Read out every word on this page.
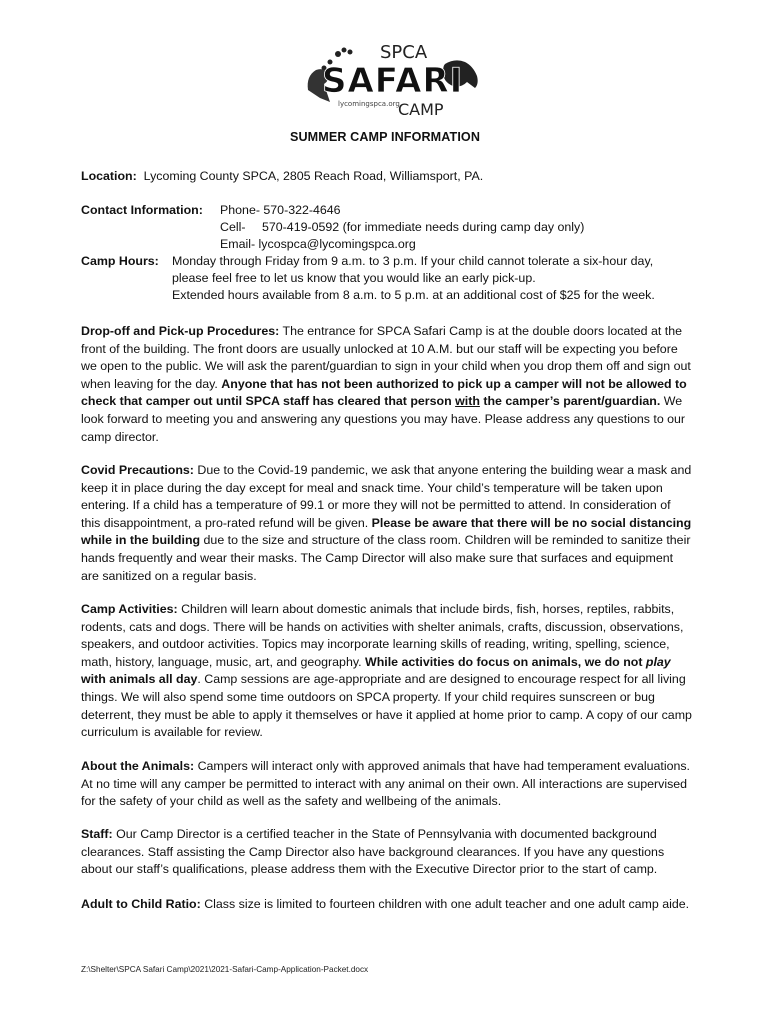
SPCA
SAFARI
lycomingspca.org
CAMP
SUMMER CAMP INFORMATION
Location: Lycoming County SPCA, 2805 Reach Road, Williamsport, PA.
Contact Information: Phone- 570-322-4646
Cell- 570-419-0592 (for immediate needs during camp day only)
Email- lycospca@lycomingspca.org
Camp Hours: Monday through Friday from 9 a.m. to 3 p.m. If your child cannot tolerate a six-hour day,
please feel free to let us know that you would like an early pick-up.
Extended hours available from 8 a.m. to 5 p.m. at an additional cost of $25 for the week.

Drop-off and Pick-up Procedures: The entrance for SPCA Safari Camp is at the double doors located at the front of the building. The front doors are usually unlocked at 10 A.M. but our staff will be expecting you before we open to the public. We will ask the parent/guardian to sign in your child when you drop them off and sign out when leaving for the day. Anyone that has not been authorized to pick up a camper will not be allowed to check that camper out until SPCA staff has cleared that person with the camper’s parent/guardian. We look forward to meeting you and answering any questions you may have. Please address any questions to our camp director.

Covid Precautions: Due to the Covid-19 pandemic, we ask that anyone entering the building wear a mask and keep it in place during the day except for meal and snack time. Your child’s temperature will be taken upon entering. If a child has a temperature of 99.1 or more they will not be permitted to attend. In consideration of this disappointment, a pro-rated refund will be given. Please be aware that there will be no social distancing while in the building due to the size and structure of the class room. Children will be reminded to sanitize their hands frequently and wear their masks. The Camp Director will also make sure that surfaces and equipment are sanitized on a regular basis.

Camp Activities: Children will learn about domestic animals that include birds, fish, horses, reptiles, rabbits, rodents, cats and dogs. There will be hands on activities with shelter animals, crafts, discussion, observations, speakers, and outdoor activities. Topics may incorporate learning skills of reading, writing, spelling, science, math, history, language, music, art, and geography. While activities do focus on animals, we do not play with animals all day. Camp sessions are age-appropriate and are designed to encourage respect for all living things. We will also spend some time outdoors on SPCA property. If your child requires sunscreen or bug deterrent, they must be able to apply it themselves or have it applied at home prior to camp. A copy of our camp curriculum is available for review.

About the Animals: Campers will interact only with approved animals that have had temperament evaluations. At no time will any camper be permitted to interact with any animal on their own. All interactions are supervised for the safety of your child as well as the safety and wellbeing of the animals.

Staff: Our Camp Director is a certified teacher in the State of Pennsylvania with documented background clearances. Staff assisting the Camp Director also have background clearances. If you have any questions about our staff’s qualifications, please address them with the Executive Director prior to the start of camp.

Adult to Child Ratio: Class size is limited to fourteen children with one adult teacher and one adult camp aide.

Z:\Shelter\SPCA Safari Camp\2021\2021-Safari-Camp-Application-Packet.docx
